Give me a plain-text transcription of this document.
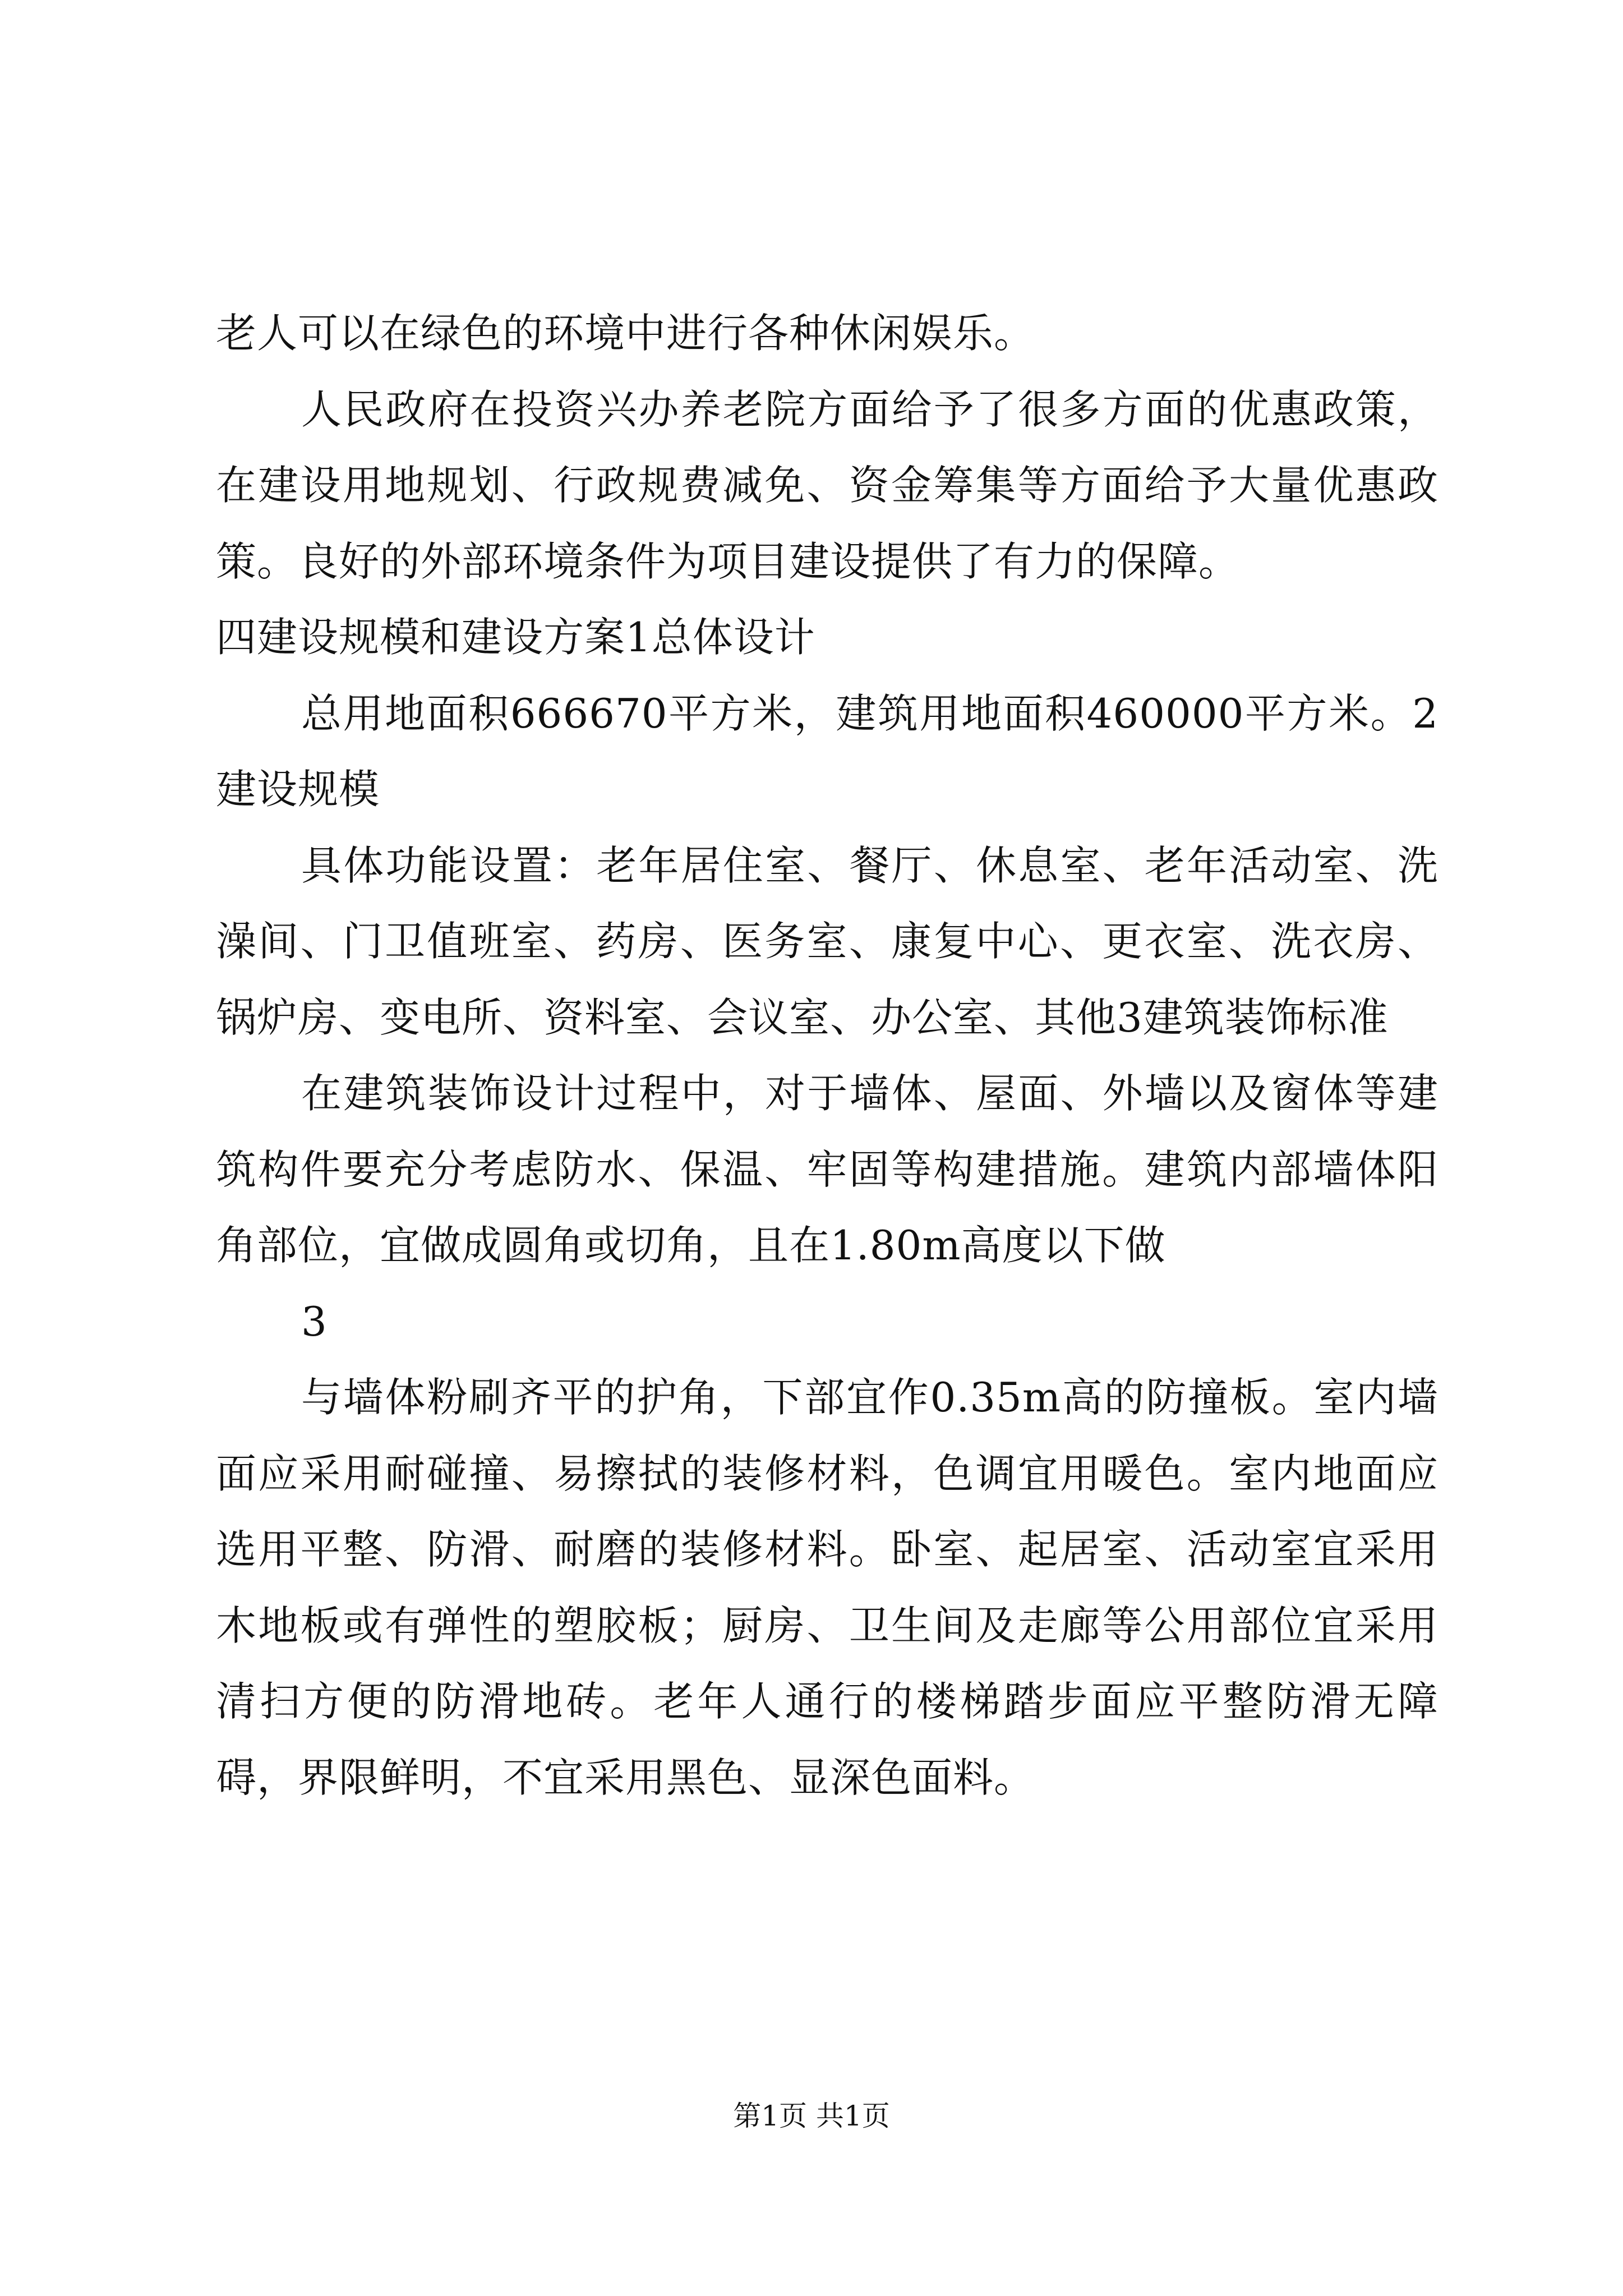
老人可以在绿色的环境中进行各种休闲娱乐。

人民政府在投资兴办养老院方面给予了很多方面的优惠政策，在建设用地规划、行政规费减免、资金筹集等方面给予大量优惠政策。良好的外部环境条件为项目建设提供了有力的保障。

四建设规模和建设方案1总体设计

总用地面积666670平方米，建筑用地面积460000平方米。2建设规模

具体功能设置：老年居住室、餐厅、休息室、老年活动室、洗澡间、门卫值班室、药房、医务室、康复中心、更衣室、洗衣房、锅炉房、变电所、资料室、会议室、办公室、其他3建筑装饰标准

在建筑装饰设计过程中，对于墙体、屋面、外墙以及窗体等建筑构件要充分考虑防水、保温、牢固等构建措施。建筑内部墙体阳角部位，宜做成圆角或切角，且在1.80m高度以下做

3

与墙体粉刷齐平的护角，下部宜作0.35m高的防撞板。室内墙面应采用耐碰撞、易擦拭的装修材料，色调宜用暖色。室内地面应选用平整、防滑、耐磨的装修材料。卧室、起居室、活动室宜采用木地板或有弹性的塑胶板；厨房、卫生间及走廊等公用部位宜采用清扫方便的防滑地砖。老年人通行的楼梯踏步面应平整防滑无障碍，界限鲜明，不宜采用黑色、显深色面料。

第1页 共1页
